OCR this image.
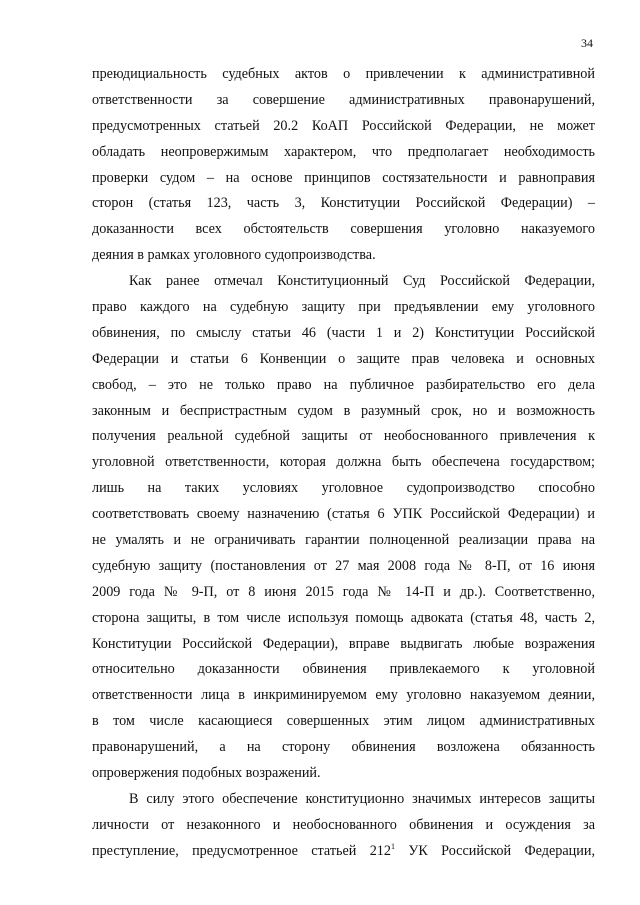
34
преюдициальность судебных актов о привлечении к административной
ответственности за совершение административных правонарушений,
предусмотренных статьей 20.2 КоАП Российской Федерации, не может
обладать неопровержимым характером, что предполагает необходимость
проверки судом – на основе принципов состязательности и равноправия
сторон (статья 123, часть 3, Конституции Российской Федерации) –
доказанности всех обстоятельств совершения уголовно наказуемого
деяния в рамках уголовного судопроизводства.
Как ранее отмечал Конституционный Суд Российской Федерации,
право каждого на судебную защиту при предъявлении ему уголовного
обвинения, по смыслу статьи 46 (части 1 и 2) Конституции Российской
Федерации и статьи 6 Конвенции о защите прав человека и основных
свобод, – это не только право на публичное разбирательство его дела
законным и беспристрастным судом в разумный срок, но и возможность
получения реальной судебной защиты от необоснованного привлечения к
уголовной ответственности, которая должна быть обеспечена государством;
лишь на таких условиях уголовное судопроизводство способно
соответствовать своему назначению (статья 6 УПК Российской Федерации) и
не умалять и не ограничивать гарантии полноценной реализации права на
судебную защиту (постановления от 27 мая 2008 года № 8-П, от 16 июня
2009 года № 9-П, от 8 июня 2015 года № 14-П и др.). Соответственно,
сторона защиты, в том числе используя помощь адвоката (статья 48, часть 2,
Конституции Российской Федерации), вправе выдвигать любые возражения
относительно доказанности обвинения привлекаемого к уголовной
ответственности лица в инкриминируемом ему уголовно наказуемом деянии,
в том числе касающиеся совершенных этим лицом административных
правонарушений, а на сторону обвинения возложена обязанность
опровержения подобных возражений.
В силу этого обеспечение конституционно значимых интересов защиты
личности от незаконного и необоснованного обвинения и осуждения за
преступление, предусмотренное статьей $212^1$ УК Российской Федерации,
